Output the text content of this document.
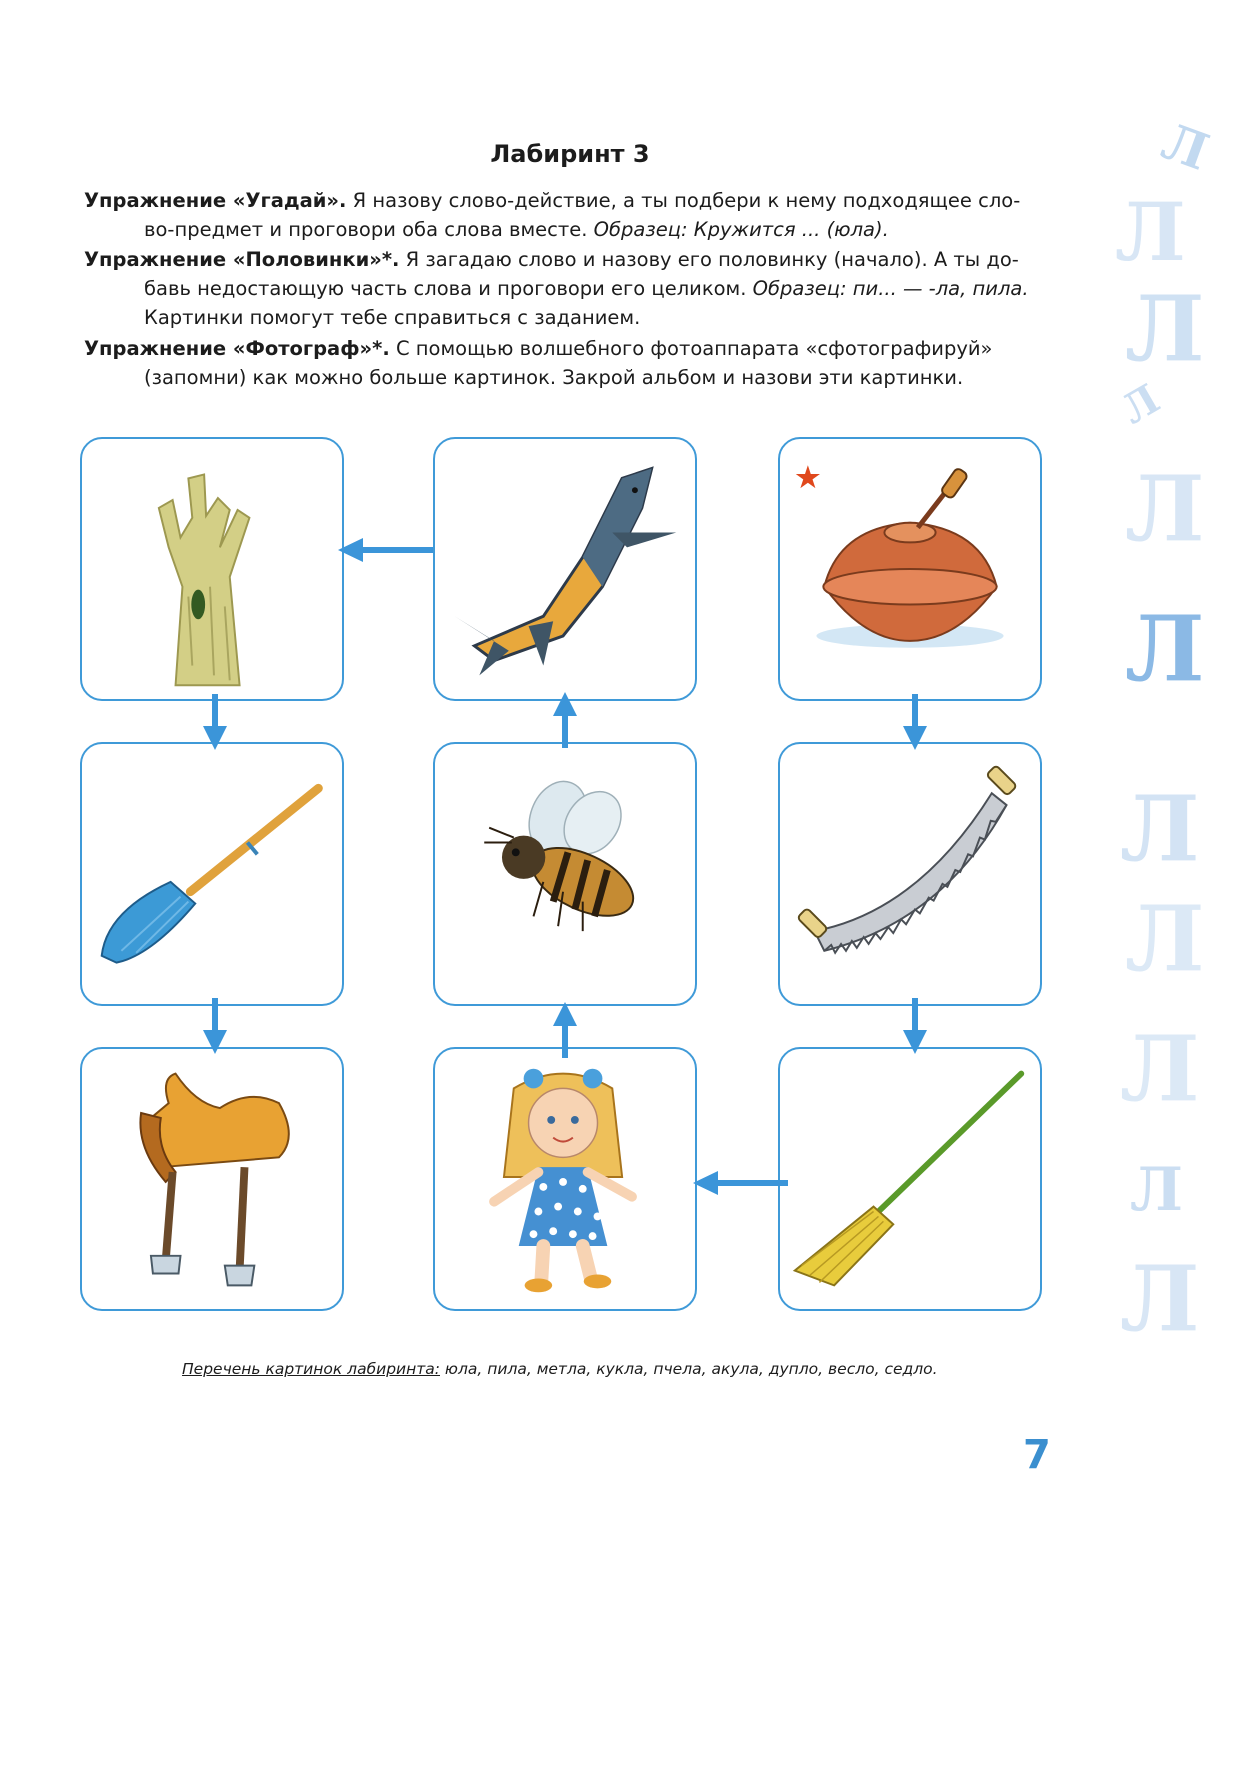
Лабиринт 3
Упражнение «Угадай». Я назову слово-действие, а ты подбери к нему подходящее сло-
во-предмет и проговори оба слова вместе. Образец: Кружится ... (юла).
Упражнение «Половинки»*. Я загадаю слово и назову его половинку (начало). А ты до-
бавь недостающую часть слова и проговори его целиком. Образец: пи... — -ла, пила.
Картинки помогут тебе справиться с заданием.
Упражнение «Фотограф»*. С помощью волшебного фотоаппарата «сфотографируй»
(запомни) как можно больше картинок. Закрой альбом и назови эти картинки.
★
Перечень картинок лабиринта: юла, пила, метла, кукла, пчела, акула, дупло, весло, седло.
7
Л
Л
Л
Л
Л
Л
Л
Л
Л
Л
Л
